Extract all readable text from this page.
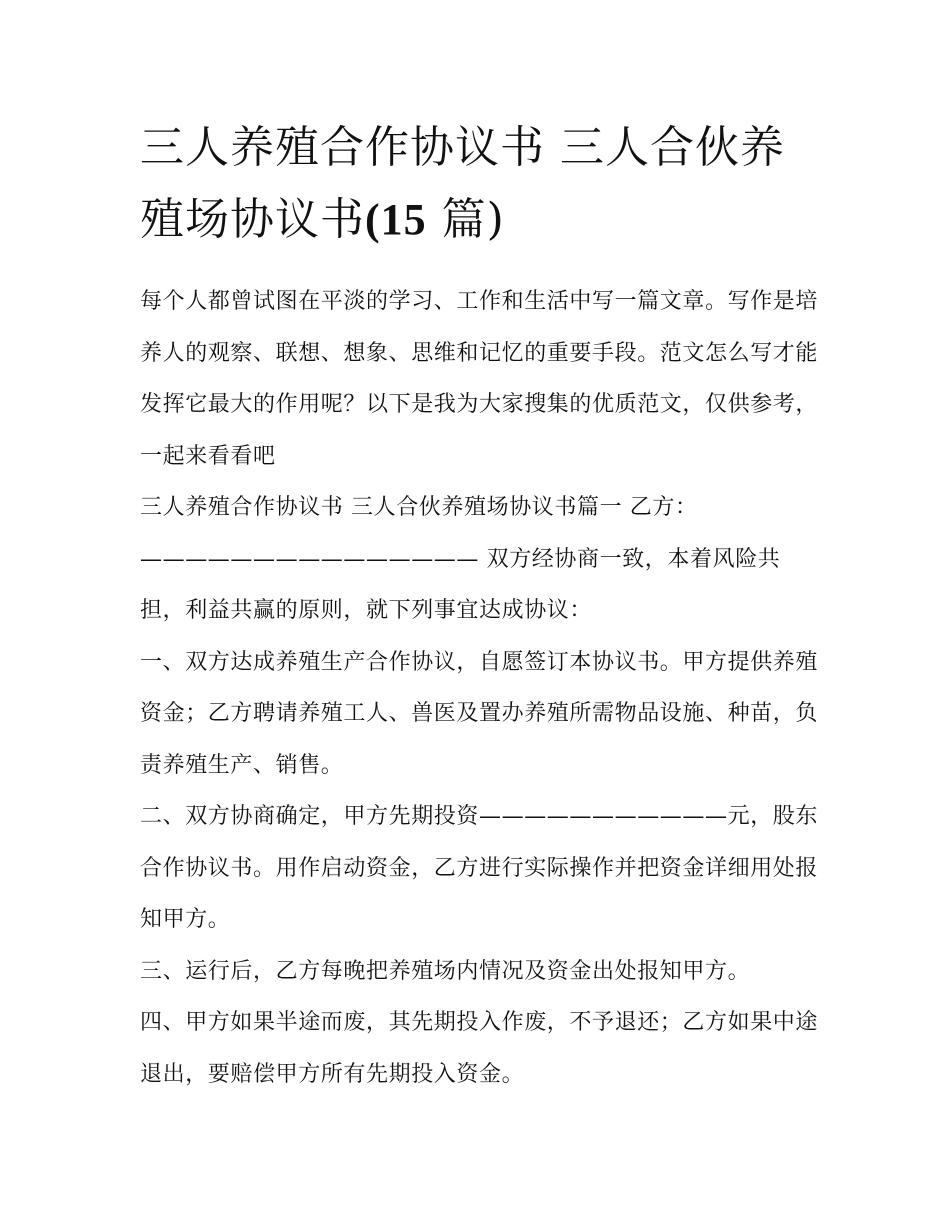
三人养殖合作协议书 三人合伙养殖场协议书(15 篇)

每个人都曾试图在平淡的学习、工作和生活中写一篇文章。写作是培养人的观察、联想、想象、思维和记忆的重要手段。范文怎么写才能发挥它最大的作用呢？以下是我为大家搜集的优质范文，仅供参考，一起来看看吧

三人养殖合作协议书 三人合伙养殖场协议书篇一 乙方：——————————————— 双方经协商一致，本着风险共担，利益共赢的原则，就下列事宜达成协议：

一、双方达成养殖生产合作协议，自愿签订本协议书。甲方提供养殖资金；乙方聘请养殖工人、兽医及置办养殖所需物品设施、种苗，负责养殖生产、销售。

二、双方协商确定，甲方先期投资———————————元，股东合作协议书。用作启动资金，乙方进行实际操作并把资金详细用处报知甲方。

三、运行后，乙方每晚把养殖场内情况及资金出处报知甲方。

四、甲方如果半途而废，其先期投入作废，不予退还；乙方如果中途退出，要赔偿甲方所有先期投入资金。
